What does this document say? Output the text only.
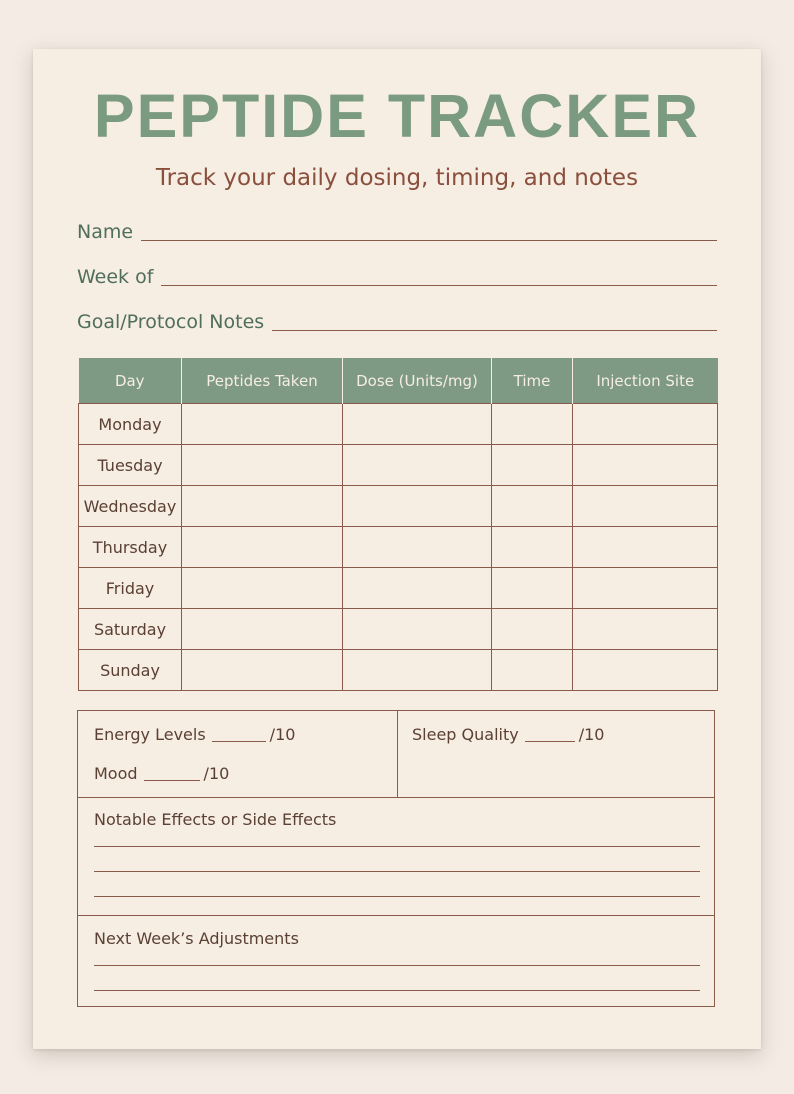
PEPTIDE TRACKER
Track your daily dosing, timing, and notes
Name
Week of
Goal/Protocol Notes
Day	Peptides Taken	Dose (Units/mg)	Time	Injection Site
Monday				
Tuesday				
Wednesday				
Thursday				
Friday				
Saturday				
Sunday				
Energy Levels	/10
Mood	/10
Sleep Quality	/10
Notable Effects or Side Effects
Next Week’s Adjustments
